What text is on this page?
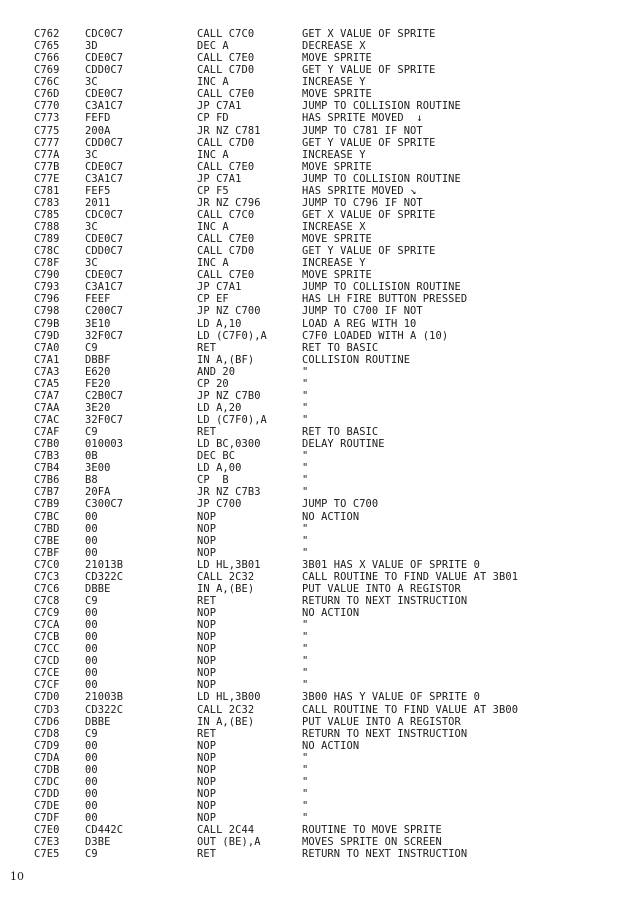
C762 CDC0C7	CALL C7C0	GET X VALUE OF SPRITE
C765 3D	DEC A	DECREASE X
C766 CDE0C7	CALL C7E0	MOVE SPRITE
C769 CDD0C7	CALL C7D0	GET Y VALUE OF SPRITE
C76C 3C	INC A	INCREASE Y
C76D CDE0C7	CALL C7E0	MOVE SPRITE
C770 C3A1C7	JP C7A1	JUMP TO COLLISION ROUTINE
C773 FEFD	CP FD	HAS SPRITE MOVED  ↓
C775 200A	JR NZ C781	JUMP TO C781 IF NOT
C777 CDD0C7	CALL C7D0	GET Y VALUE OF SPRITE
C77A 3C	INC A	INCREASE Y
C77B CDE0C7	CALL C7E0	MOVE SPRITE
C77E C3A1C7	JP C7A1	JUMP TO COLLISION ROUTINE
C781 FEF5	CP F5	HAS SPRITE MOVED ↘
C783 2011	JR NZ C796	JUMP TO C796 IF NOT
C785 CDC0C7	CALL C7C0	GET X VALUE OF SPRITE
C788 3C	INC A	INCREASE X
C789 CDE0C7	CALL C7E0	MOVE SPRITE
C78C CDD0C7	CALL C7D0	GET Y VALUE OF SPRITE
C78F 3C	INC A	INCREASE Y
C790 CDE0C7	CALL C7E0	MOVE SPRITE
C793 C3A1C7	JP C7A1	JUMP TO COLLISION ROUTINE
C796 FEEF	CP EF	HAS LH FIRE BUTTON PRESSED
C798 C200C7	JP NZ C700	JUMP TO C700 IF NOT
C79B 3E10	LD A,10	LOAD A REG WITH 10
C79D 32F0C7	LD (C7F0),A	C7F0 LOADED WITH A (10)
C7A0 C9	RET	RET TO BASIC
C7A1 DBBF	IN A,(BF)	COLLISION ROUTINE
C7A3 E620	AND 20	"
C7A5 FE20	CP 20	"
C7A7 C2B0C7	JP NZ C7B0	"
C7AA 3E20	LD A,20	"
C7AC 32F0C7	LD (C7F0),A	"
C7AF C9	RET	RET TO BASIC
C7B0 010003	LD BC,0300	DELAY ROUTINE
C7B3 0B	DEC BC	"
C7B4 3E00	LD A,00	"
C7B6 B8	CP  B	"
C7B7 20FA	JR NZ C7B3	"
C7B9 C300C7	JP C700	JUMP TO C700
C7BC 00	NOP	NO ACTION
C7BD 00	NOP	"
C7BE 00	NOP	"
C7BF 00	NOP	"
C7C0 21013B	LD HL,3B01	3B01 HAS X VALUE OF SPRITE 0
C7C3 CD322C	CALL 2C32	CALL ROUTINE TO FIND VALUE AT 3B01
C7C6 DBBE	IN A,(BE)	PUT VALUE INTO A REGISTOR
C7C8 C9	RET	RETURN TO NEXT INSTRUCTION
C7C9 00	NOP	NO ACTION
C7CA 00	NOP	"
C7CB 00	NOP	"
C7CC 00	NOP	"
C7CD 00	NOP	"
C7CE 00	NOP	"
C7CF 00	NOP	"
C7D0 21003B	LD HL,3B00	3B00 HAS Y VALUE OF SPRITE 0
C7D3 CD322C	CALL 2C32	CALL ROUTINE TO FIND VALUE AT 3B00
C7D6 DBBE	IN A,(BE)	PUT VALUE INTO A REGISTOR
C7D8 C9	RET	RETURN TO NEXT INSTRUCTION
C7D9 00	NOP	NO ACTION
C7DA 00	NOP	"
C7DB 00	NOP	"
C7DC 00	NOP	"
C7DD 00	NOP	"
C7DE 00	NOP	"
C7DF 00	NOP	"
C7E0 CD442C	CALL 2C44	ROUTINE TO MOVE SPRITE
C7E3 D3BE	OUT (BE),A	MOVES SPRITE ON SCREEN
C7E5 C9	RET	RETURN TO NEXT INSTRUCTION
10
